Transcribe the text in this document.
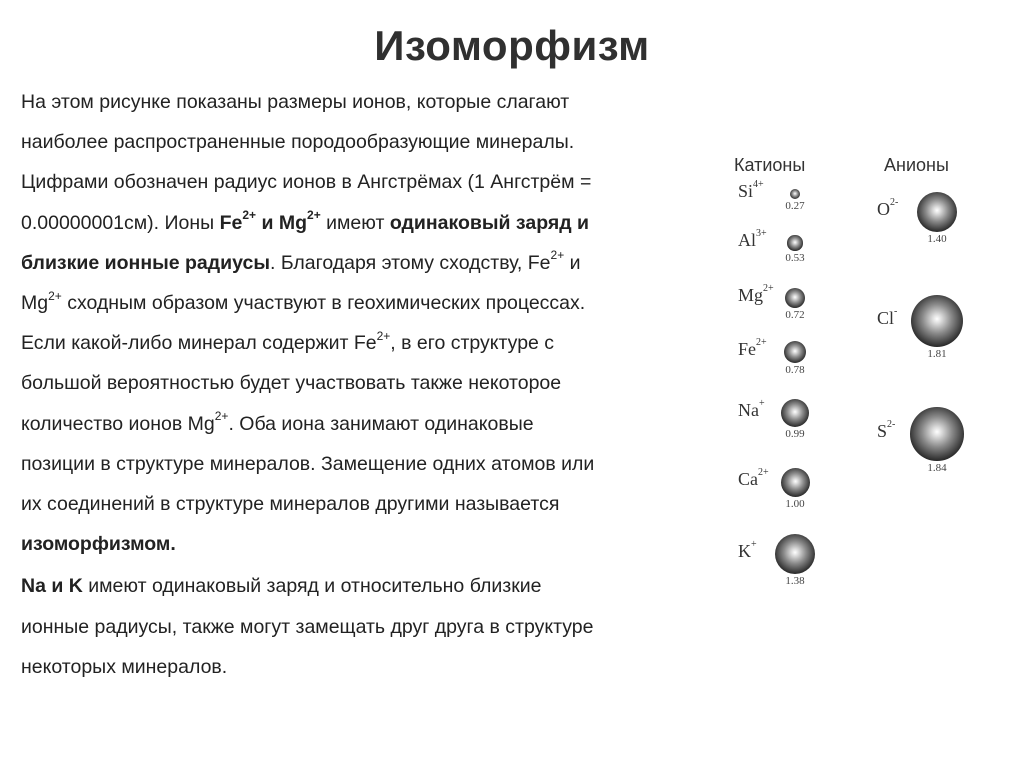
Изоморфизм
На этом рисунке показаны размеры ионов, которые слагают
наиболее распространенные породообразующие минералы.
Цифрами обозначен радиус ионов в Ангстрёмах (1 Ангстрём =
0.00000001см). Ионы $Fe^{2+}$ и $Mg^{2+}$ имеют одинаковый заряд и
близкие ионные радиусы. Благодаря этому сходству, $Fe^{2+}$ и
$Mg^{2+}$ сходным образом участвуют в геохимических процессах.
Если какой-либо минерал содержит $Fe^{2+}$, в его структуре с
большой вероятностью будет участвовать также некоторое
количество ионов $Mg^{2+}$. Оба иона занимают одинаковые
позиции в структуре минералов. Замещение одних атомов или
их соединений в структуре минералов другими называется
изоморфизмом.
Na и K имеют одинаковый заряд и относительно близкие
ионные радиусы, также могут замещать друг друга в структуре
некоторых минералов.
Катионы	Анионы
$Si^{4+}$
0.27
$Al^{3+}$
0.53
$Mg^{2+}$
0.72
$Fe^{2+}$
0.78
Na+
0.99
$Ca^{2+}$
1.00
K+
1.38
$O^{2-}$
1.40
Cl-
1.81
$S^{2-}$
1.84
